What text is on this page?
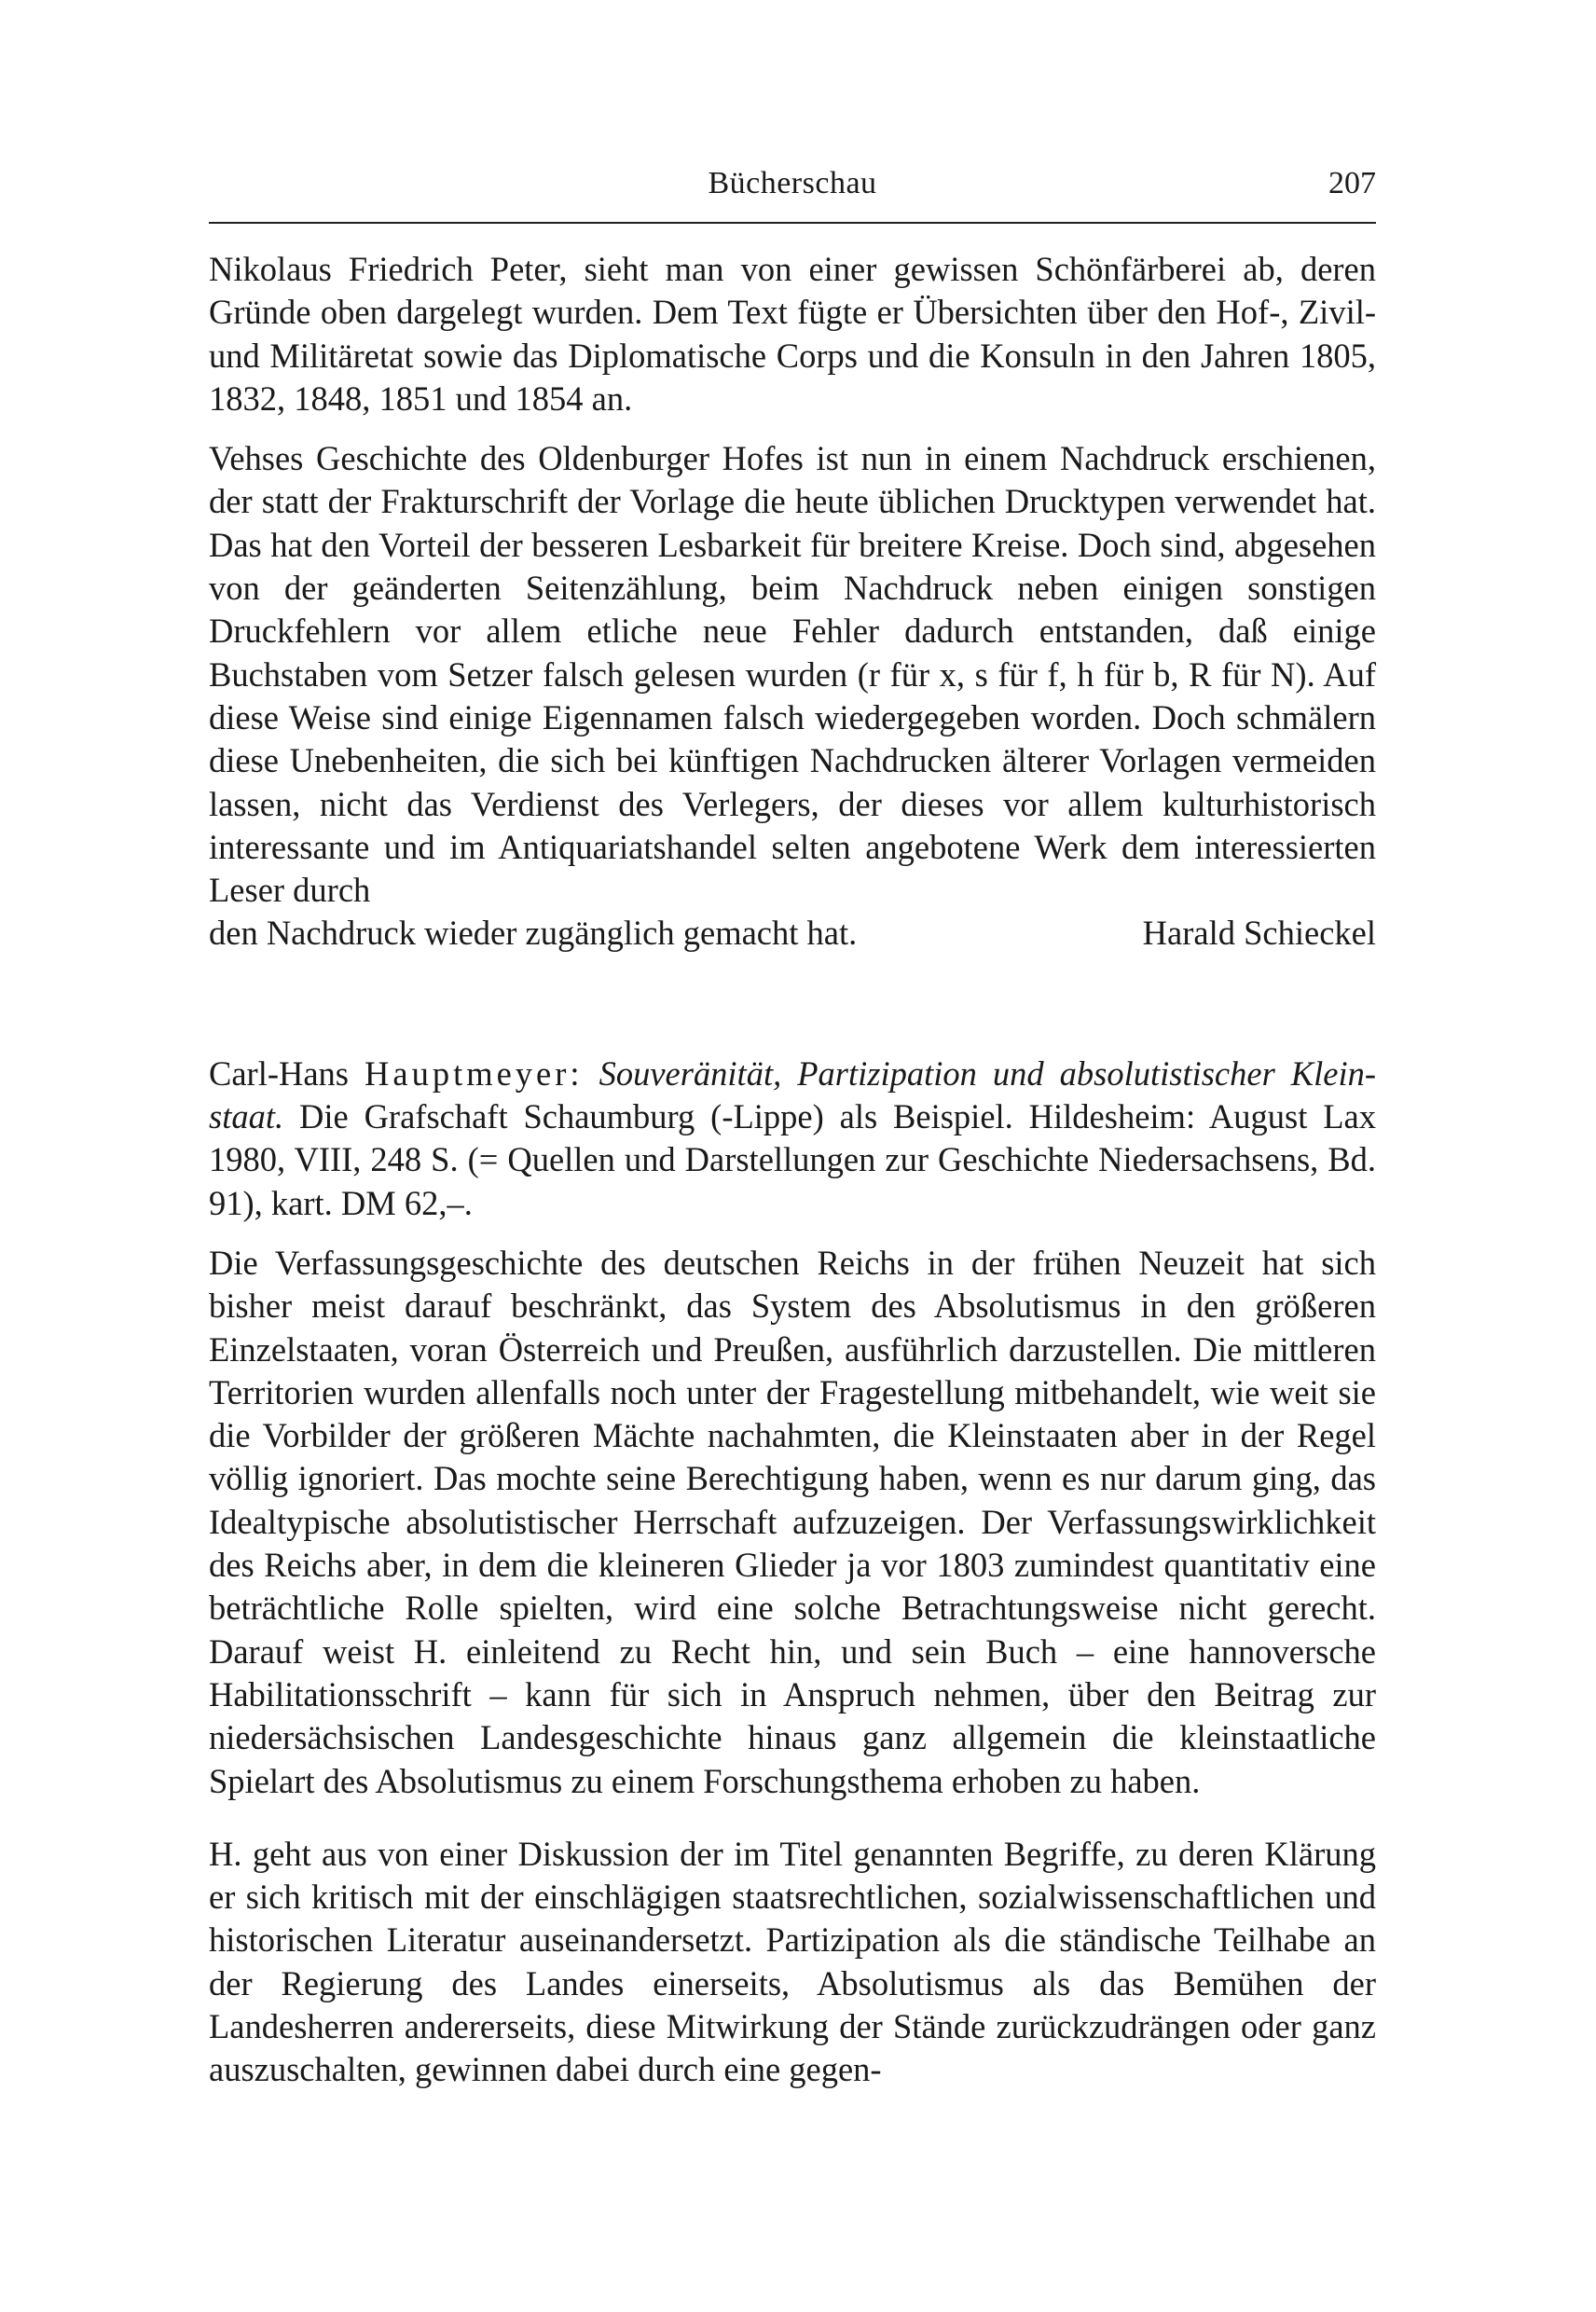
Bücherschau	207

Nikolaus Friedrich Peter, sieht man von einer gewissen Schönfärberei ab, deren Gründe oben dargelegt wurden. Dem Text fügte er Übersichten über den Hof-, Zivil- und Militäretat sowie das Diplomatische Corps und die Konsuln in den Jahren 1805, 1832, 1848, 1851 und 1854 an.

Vehses Geschichte des Oldenburger Hofes ist nun in einem Nachdruck erschienen, der statt der Frakturschrift der Vorlage die heute üblichen Drucktypen verwendet hat. Das hat den Vorteil der besseren Lesbarkeit für breitere Kreise. Doch sind, abgesehen von der geänderten Seitenzählung, beim Nachdruck neben einigen sonstigen Druckfehlern vor allem etliche neue Fehler dadurch entstanden, daß einige Buchstaben vom Setzer falsch gelesen wurden (r für x, s für f, h für b, R für N). Auf diese Weise sind einige Eigennamen falsch wiedergegeben worden. Doch schmälern diese Unebenheiten, die sich bei künftigen Nachdrucken älterer Vorlagen vermeiden lassen, nicht das Verdienst des Verlegers, der dieses vor allem kulturhistorisch interessante und im Antiquariatshandel selten angebotene Werk dem interessierten Leser durch

den Nachdruck wieder zugänglich gemacht hat.	Harald Schieckel

Carl-Hans Hauptmeyer: Souveränität, Partizipation und absolutistischer Kleinstaat. Die Grafschaft Schaumburg (-Lippe) als Beispiel. Hildesheim: August Lax 1980, VIII, 248 S. (= Quellen und Darstellungen zur Geschichte Niedersachsens, Bd. 91), kart. DM 62,–.

Die Verfassungsgeschichte des deutschen Reichs in der frühen Neuzeit hat sich bisher meist darauf beschränkt, das System des Absolutismus in den größeren Einzelstaaten, voran Österreich und Preußen, ausführlich darzustellen. Die mittleren Territorien wurden allenfalls noch unter der Fragestellung mitbehandelt, wie weit sie die Vorbilder der größeren Mächte nachahmten, die Kleinstaaten aber in der Regel völlig ignoriert. Das mochte seine Berechtigung haben, wenn es nur darum ging, das Idealtypische absolutistischer Herrschaft aufzuzeigen. Der Verfassungswirklichkeit des Reichs aber, in dem die kleineren Glieder ja vor 1803 zumindest quantitativ eine beträchtliche Rolle spielten, wird eine solche Betrachtungsweise nicht gerecht. Darauf weist H. einleitend zu Recht hin, und sein Buch – eine hannoversche Habilitationsschrift – kann für sich in Anspruch nehmen, über den Beitrag zur niedersächsischen Landesgeschichte hinaus ganz allgemein die kleinstaatliche Spielart des Absolutismus zu einem Forschungsthema erhoben zu haben.

H. geht aus von einer Diskussion der im Titel genannten Begriffe, zu deren Klärung er sich kritisch mit der einschlägigen staatsrechtlichen, sozialwissenschaftlichen und historischen Literatur auseinandersetzt. Partizipation als die ständische Teilhabe an der Regierung des Landes einerseits, Absolutismus als das Bemühen der Landesherren andererseits, diese Mitwirkung der Stände zurückzudrängen oder ganz auszuschalten, gewinnen dabei durch eine gegen-
